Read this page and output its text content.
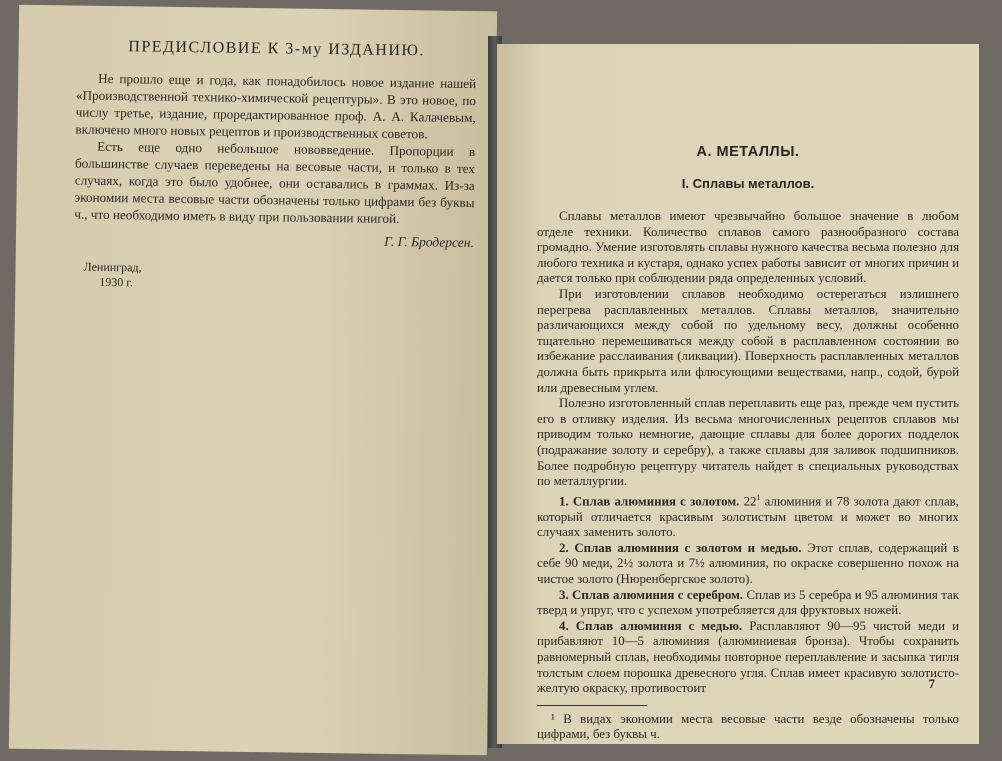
ПРЕДИСЛОВИЕ К 3-му ИЗДАНИЮ.

Не прошло еще и года, как понадобилось новое издание нашей «Производственной технико-химической рецептуры». В это новое, по числу третье, издание, проредактированное проф. А. А. Калачевым, включено много новых рецептов и производственных советов.

Есть еще одно небольшое нововведение. Пропорции в большинстве случаев переведены на весовые части, и только в тех случаях, когда это было удобнее, они оставались в граммах. Из-за экономии места весовые части обозначены только цифрами без буквы ч., что необходимо иметь в виду при пользовании книгой.

Г. Г. Бродерсен.

Ленинград,
1930 г.

А. МЕТАЛЛЫ.
I. Сплавы металлов.

Сплавы металлов имеют чрезвычайно большое значение в любом отделе техники. Количество сплавов самого разнообразного состава громадно. Умение изготовлять сплавы нужного качества весьма полезно для любого техника и кустаря, однако успех работы зависит от многих причин и дается только при соблюдении ряда определенных условий.

При изготовлении сплавов необходимо остерегаться излишнего перегрева расплавленных металлов. Сплавы металлов, значительно различающихся между собой по удельному весу, должны особенно тщательно перемешиваться между собой в расплавленном состоянии во избежание расслаивания (ликвации). Поверхность расплавленных металлов должна быть прикрыта или флюсующими веществами, напр., содой, бурой или древесным углем.

Полезно изготовленный сплав переплавить еще раз, прежде чем пустить его в отливку изделия. Из весьма многочисленных рецептов сплавов мы приводим только немногие, дающие сплавы для более дорогих подделок (подражание золоту и серебру), а также сплавы для заливок подшипников. Более подробную рецептуру читатель найдет в специальных руководствах по металлургии.

1. Сплав алюминия с золотом. $22^1$ алюминия и 78 золота дают сплав, который отличается красивым золотистым цветом и может во многих случаях заменить золото.

2. Сплав алюминия с золотом и медью. Этот сплав, содержащий в себе 90 меди, 2½ золота и 7½ алюминия, по окраске совершенно похож на чистое золото (Нюренбергское золото).

3. Сплав алюминия с серебром. Сплав из 5 серебра и 95 алюминия так тверд и упруг, что с успехом употребляется для фруктовых ножей.

4. Сплав алюминия с медью. Расплавляют 90—95 чистой меди и прибавляют 10—5 алюминия (алюминиевая бронза). Чтобы сохранить равномерный сплав, необходимы повторное переплавление и засыпка тигля толстым слоем порошка древесного угля. Сплав имеет красивую золотисто-желтую окраску, противостоит

¹ В видах экономии места весовые части везде обозначены только цифрами, без буквы ч.

7
